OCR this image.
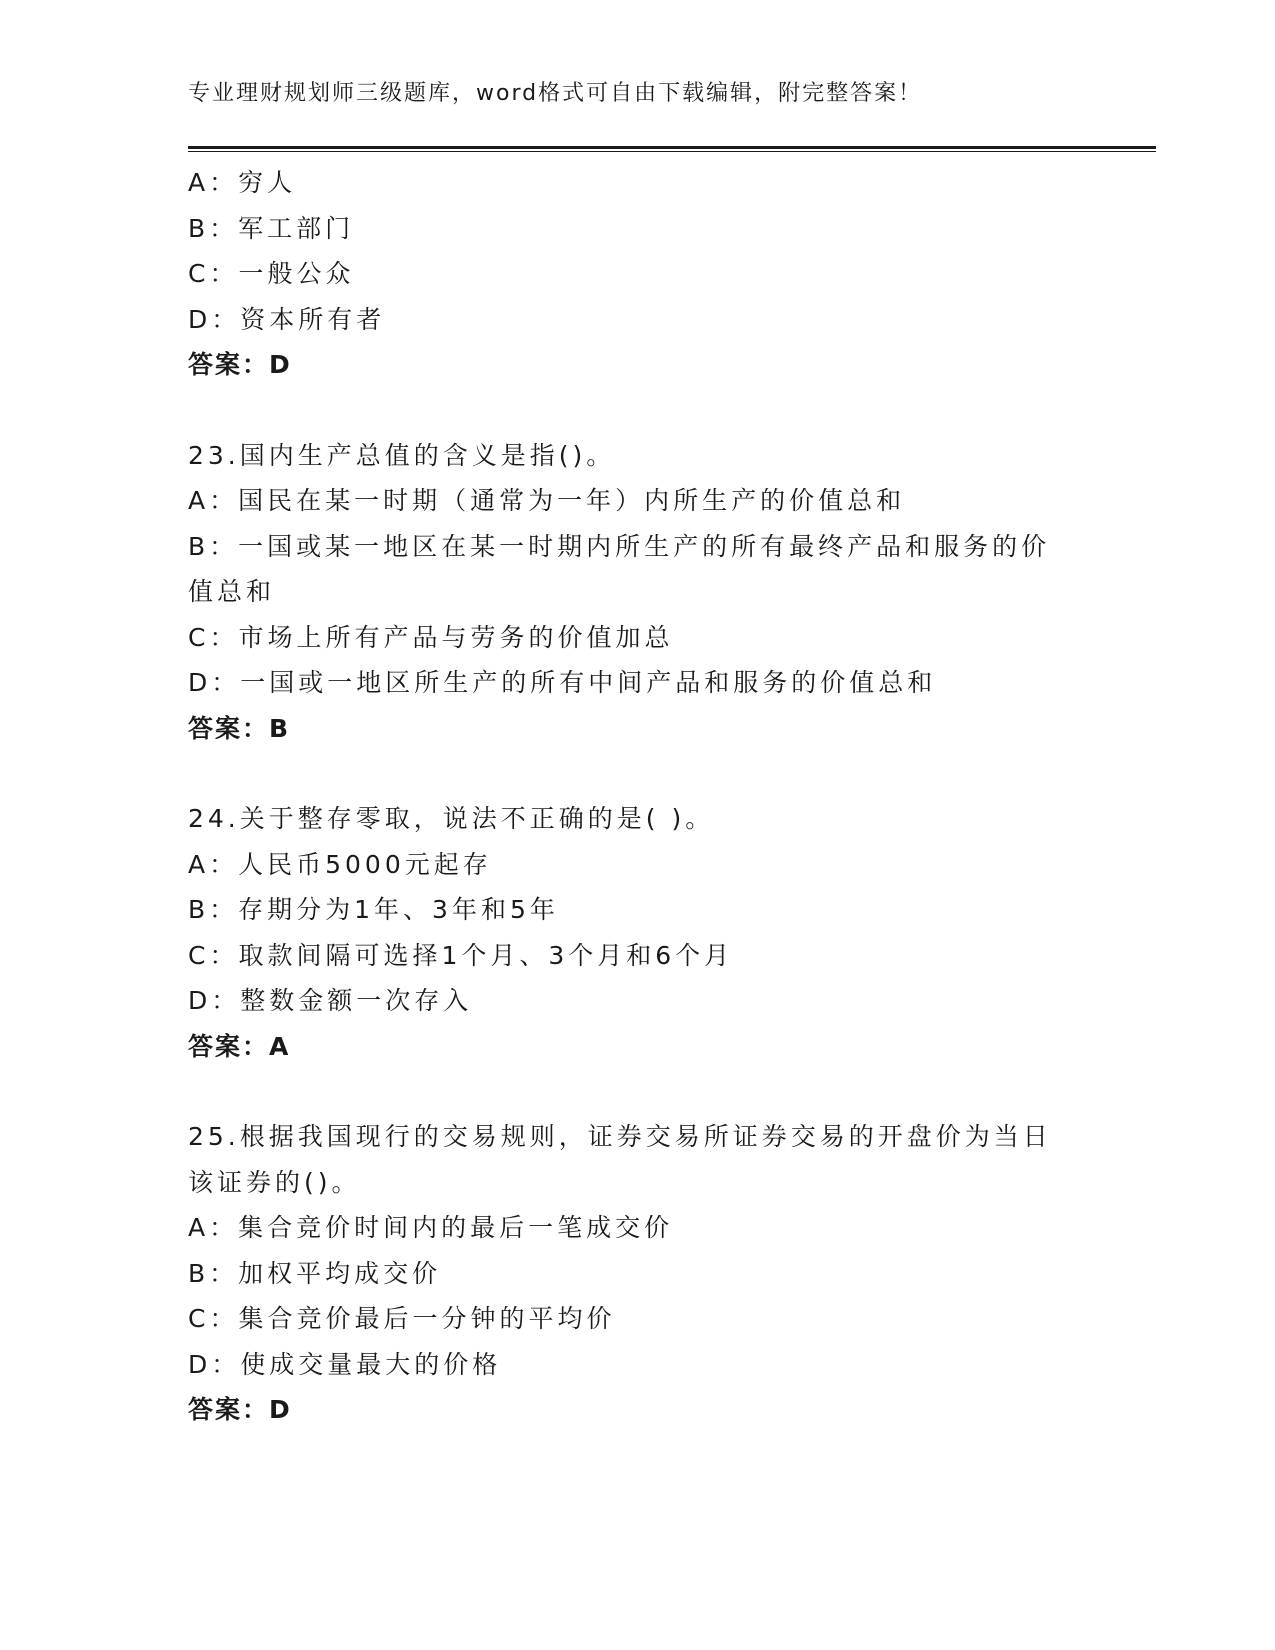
专业理财规划师三级题库，word格式可自由下载编辑，附完整答案！
A：穷人
B：军工部门
C：一般公众
D：资本所有者
答案：D
23.国内生产总值的含义是指()。
A：国民在某一时期（通常为一年）内所生产的价值总和
B：一国或某一地区在某一时期内所生产的所有最终产品和服务的价值总和
C：市场上所有产品与劳务的价值加总
D：一国或一地区所生产的所有中间产品和服务的价值总和
答案：B
24.关于整存零取，说法不正确的是( )。
A：人民币5000元起存
B：存期分为1年、3年和5年
C：取款间隔可选择1个月、3个月和6个月
D：整数金额一次存入
答案：A
25.根据我国现行的交易规则，证券交易所证券交易的开盘价为当日该证券的()。
A：集合竞价时间内的最后一笔成交价
B：加权平均成交价
C：集合竞价最后一分钟的平均价
D：使成交量最大的价格
答案：D
